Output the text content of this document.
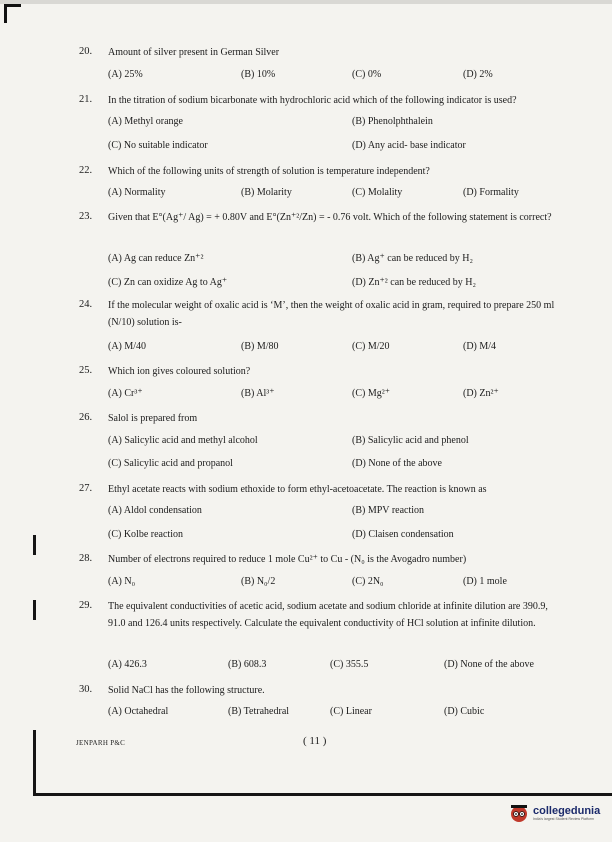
20. Amount of silver present in German Silver
(A) 25%	(B) 10%	(C) 0%	(D) 2%
21. In the titration of sodium bicarbonate with hydrochloric acid which of the following indicator is used?
(A) Methyl orange	(B) Phenolphthalein
(C) No suitable indicator	(D) Any acid- base indicator
22. Which of the following units of strength of solution is temperature independent?
(A) Normality	(B) Molarity	(C) Molality	(D) Formality
23. Given that E°(Ag⁺/ Ag) = + 0.80V and E°(Zn⁺²/Zn) = - 0.76 volt. Which of the following statement is correct?
(A) Ag can reduce Zn⁺²	(B) Ag⁺ can be reduced by H₂
(C) Zn can oxidize Ag to Ag⁺	(D) Zn⁺² can be reduced by H₂
24. If the molecular weight of oxalic acid is ‘M’, then the weight of oxalic acid in gram, required to prepare 250 ml (N/10) solution is-
(A) M/40	(B) M/80	(C) M/20	(D) M/4
25. Which ion gives coloured solution?
(A) Cr³⁺	(B) Al³⁺	(C) Mg²⁺	(D) Zn²⁺
26. Salol is prepared from
(A) Salicylic acid and methyl alcohol	(B) Salicylic acid and phenol
(C) Salicylic acid and propanol	(D) None of the above
27. Ethyl acetate reacts with sodium ethoxide to form ethyl-acetoacetate. The reaction is known as
(A) Aldol condensation	(B) MPV reaction
(C) Kolbe reaction	(D) Claisen condensation
28. Number of electrons required to reduce 1 mole Cu²⁺ to Cu - (N₀ is the Avogadro number)
(A) N₀	(B) N₀/2	(C) 2N₀	(D) 1 mole
29. The equivalent conductivities of acetic acid, sodium acetate and sodium chloride at infinite dilution are 390.9, 91.0 and 126.4 units respectively. Calculate the equivalent conductivity of HCl solution at infinite dilution.
(A) 426.3	(B) 608.3	(C) 355.5	(D) None of the above
30. Solid NaCl has the following structure.
(A) Octahedral	(B) Tetrahedral	(C) Linear	(D) Cubic
JENPARH P&C	( 11 )
collegedunia
India's largest Student Review Platform
